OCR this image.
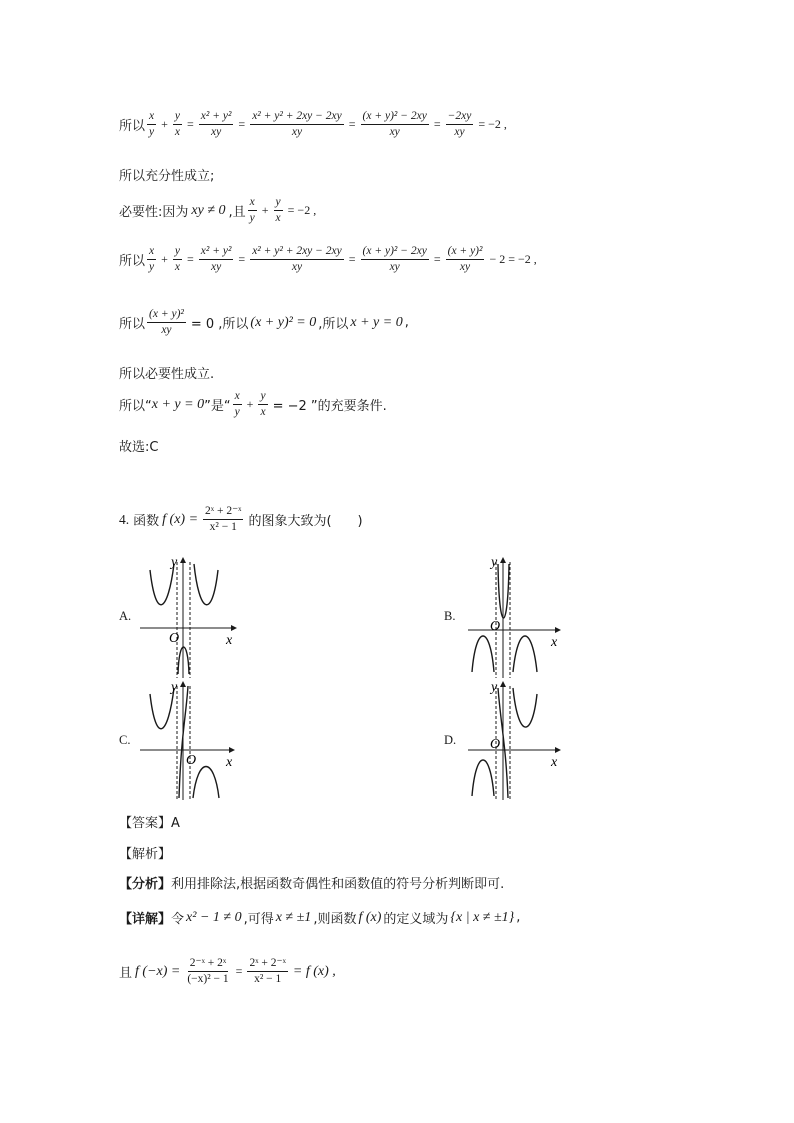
所以 $\frac{x}{y} + \frac{y}{x} = \frac{\text{x² + y²}}{xy} = \frac{\text{x² + y² + 2xy − 2xy}}{xy} = \frac{\text{(x + y)² − 2xy}}{xy} = \frac{-2xy}{xy} = -2$ ,
所以充分性成立;
必要性:因为 xy ≠ 0 ,且 $\frac{x}{y} + \frac{y}{x} = -2$ ,
所以 $\frac{x}{y} + \frac{y}{x} = \frac{\text{x² + y²}}{xy} = \frac{\text{x² + y² + 2xy − 2xy}}{xy} = \frac{\text{(x + y)² − 2xy}}{xy} = \frac{\text{(x + y)²}}{xy} - 2 = -2$ ,
所以 $\frac{\text{(x + y)²}}{xy} = 0$ ,所以 (x + y)² = 0 ,所以 x + y = 0 ,
所以必要性成立.
所以“ x + y = 0 ”是“ $\frac{x}{y} + \frac{y}{x} = -2$ ”的充要条件.
故选:C
4. 函数 f $(x) = \frac{\text{2ˣ + 2⁻ˣ}}{\text{x² − 1}}$ 的图象大致为(　　)
A.	B.
C.	D.
O	x
y
O
x
y
O x
y
O
x
y
【答案】A
【解析】
【分析】 利用排除法,根据函数奇偶性和函数值的符号分析判断即可.
【详解】 令 x² − 1 ≠ 0 ,可得 x ≠ ±1 ,则函数 f (x) 的定义域为 {x | x ≠ ±1} ,
且 f $(-x) = \frac{\text{2⁻ˣ + 2ˣ}}{\text{(−x)² − 1}} = \frac{\text{2ˣ + 2⁻ˣ}}{\text{x² − 1}} = f$ (x) ,
